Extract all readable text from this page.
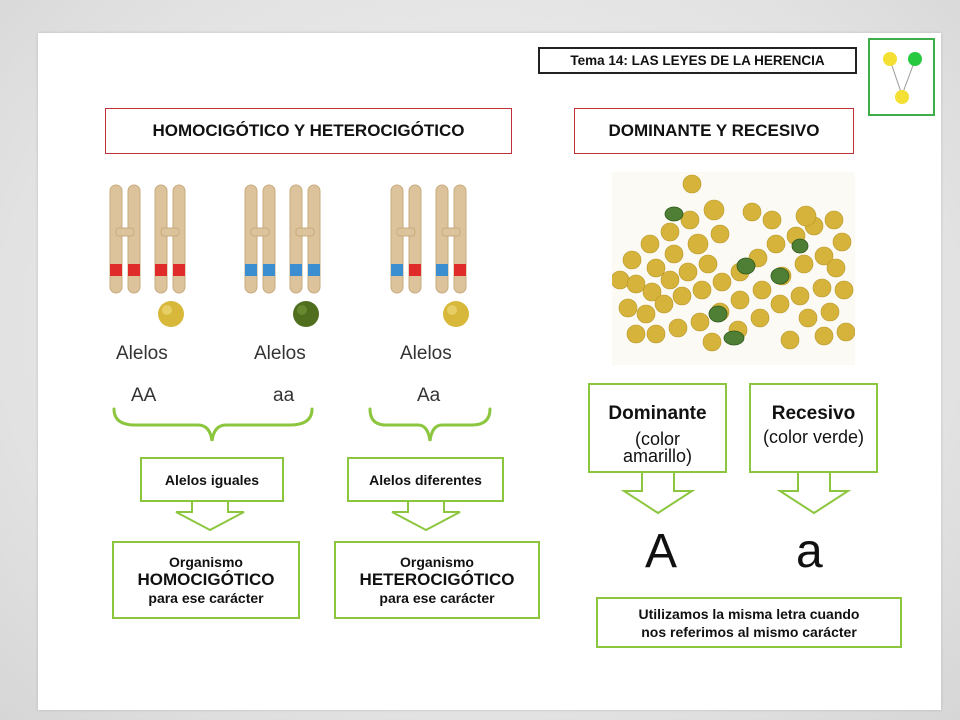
Tema 14: LAS LEYES DE LA HERENCIA
HOMOCIGÓTICO Y HETEROCIGÓTICO	DOMINANTE Y RECESIVO
Alelos	Alelos	Alelos
AA	aa	Aa
Alelos iguales	Alelos diferentes
Organismo
HOMOCIGÓTICO
para ese carácter
Organismo
HETEROCIGÓTICO
para ese carácter
Dominante
(color
amarillo)
Recesivo
(color verde)
A a
Utilizamos la misma letra cuando
nos referimos al mismo carácter
